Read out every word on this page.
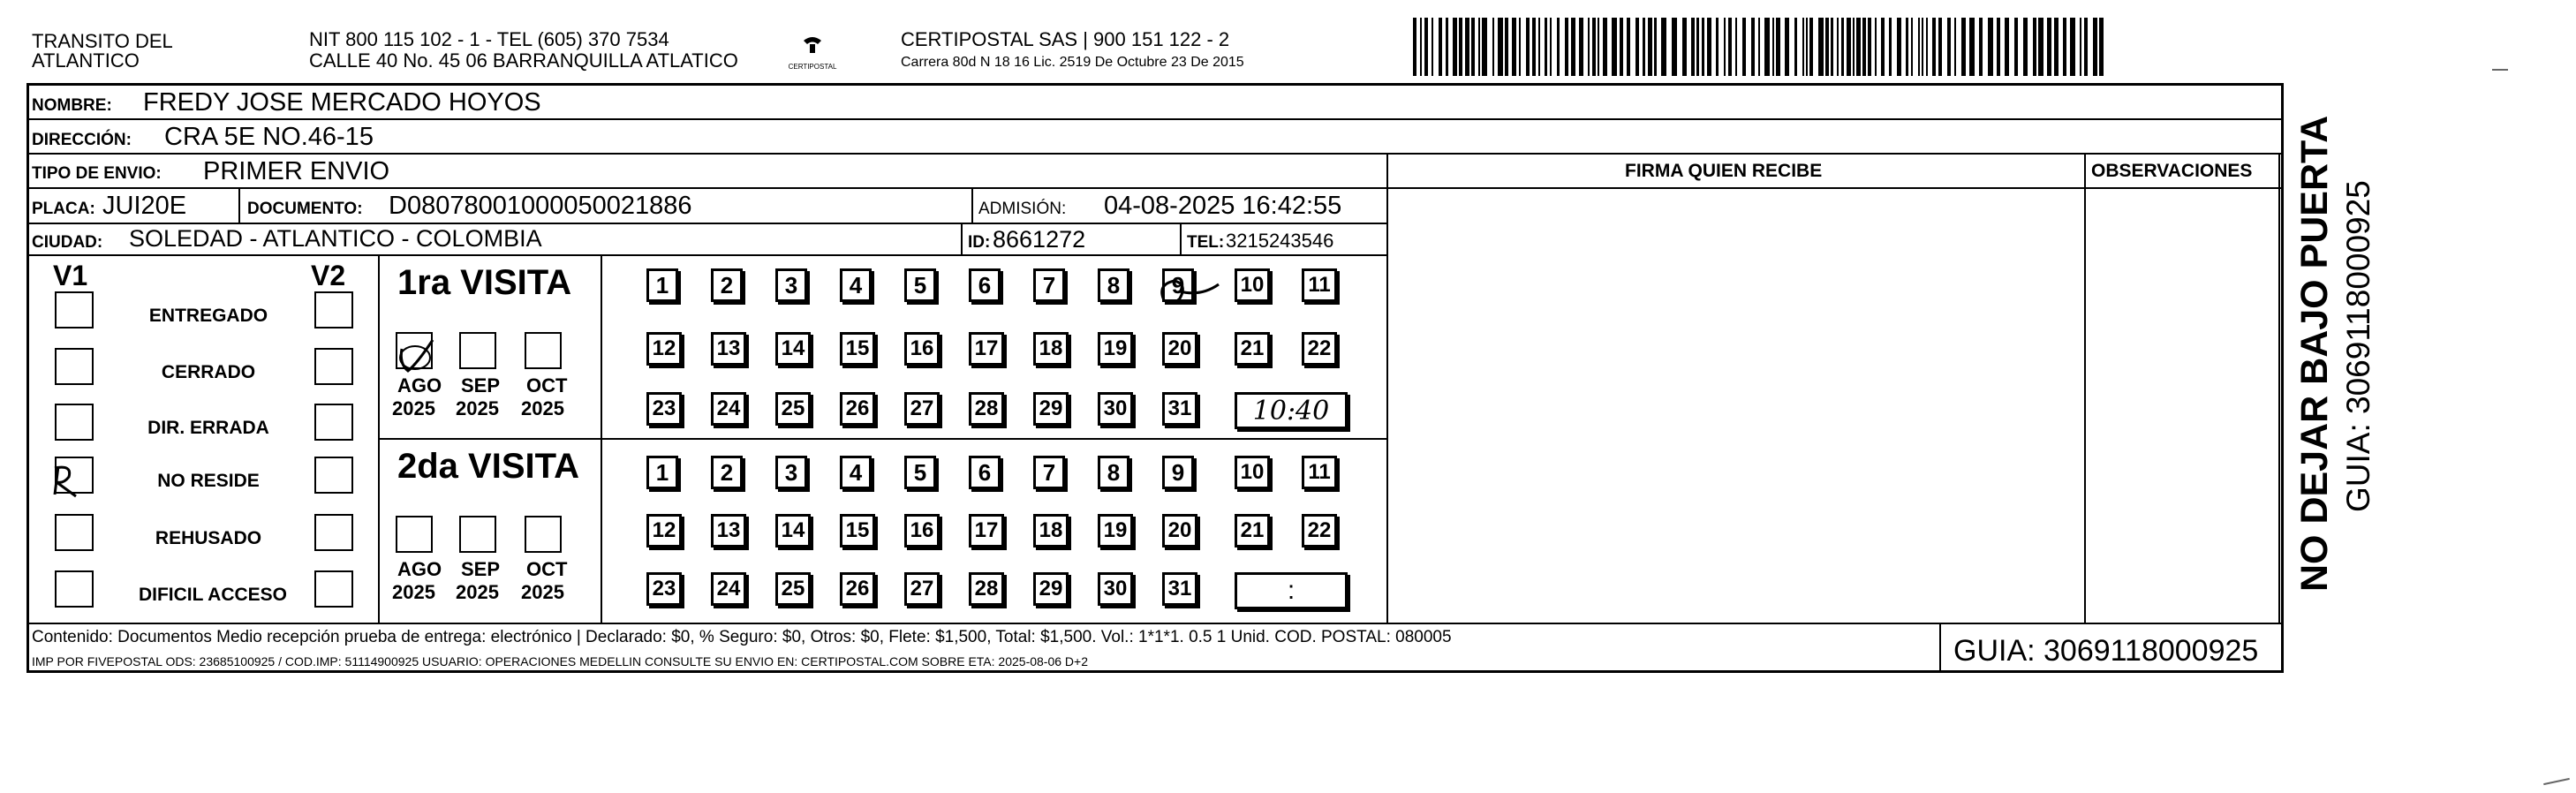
TRANSITO DEL
ATLANTICO
NIT 800 115 102 - 1 - TEL (605) 370 7534
CALLE 40 No. 45 06 BARRANQUILLA ATLATICO	CERTIPOSTAL
CERTIPOSTAL SAS | 900 151 122 - 2
Carrera 80d N 18 16 Lic. 2519 De Octubre 23 De 2015
NOMBRE: FREDY JOSE MERCADO HOYOS
DIRECCIÓN: CRA 5E NO.46-15
TIPO DE ENVIO: PRIMER ENVIO
PLACA: JUI20E	DOCUMENTO: D08078001000050021886	ADMISIÓN: 04-08-2025 16:42:55
CIUDAD: SOLEDAD - ATLANTICO - COLOMBIA	ID: 8661272	TEL: 3215243546
FIRMA QUIEN RECIBE	OBSERVACIONES
V1	V2
ENTREGADO
CERRADO
DIR. ERRADA
NO RESIDE
REHUSADO
DIFICIL ACCESO
1ra VISITA
AGO
2025
SEP
2025
OCT
2025
1	2	3	4	5	6	7	8	9	10	11
12 13 14 15 16 17 18 19 20 21 22
23 24 25 26 27 28 29 30 31 10:40
2da VISITA
AGO
2025
SEP
2025
OCT
2025
1	2	3	4	5	6	7	8	9	10	11
12 13 14 15 16 17 18 19 20 21 22
23 24 25 26 27 28 29 30 31	:	NO DEJAR BAJO PUERTA GUIA: 3069118000925
Contenido: Documentos Medio recepción prueba de entrega: electrónico | Declarado: $0, % Seguro: $0, Otros: $0, Flete: $1,500, Total: $1,500. Vol.: 1*1*1. 0.5 1 Unid. COD. POSTAL: 080005
IMP POR FIVEPOSTAL ODS: 23685100925 / COD.IMP: 51114900925 USUARIO: OPERACIONES MEDELLIN CONSULTE SU ENVIO EN: CERTIPOSTAL.COM SOBRE ETA: 2025-08-06 D+2	GUIA: 3069118000925
